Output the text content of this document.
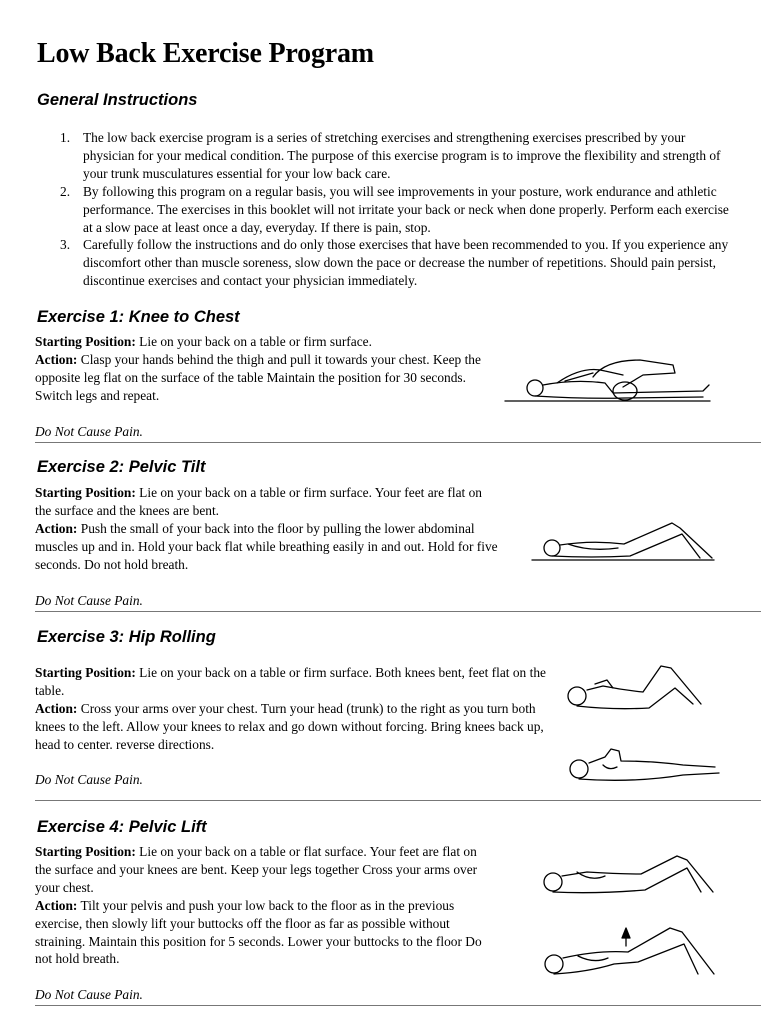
Low Back Exercise Program
General Instructions
1. The low back exercise program is a series of stretching exercises and strengthening exercises prescribed by your physician for your medical condition. The purpose of this exercise program is to improve the flexibility and strength of your trunk musculatures essential for your low back care.
2. By following this program on a regular basis, you will see improvements in your posture, work endurance and athletic performance. The exercises in this booklet will not irritate your back or neck when done properly. Perform each exercise at a slow pace at least once a day, everyday. If there is pain, stop.
3. Carefully follow the instructions and do only those exercises that have been recommended to you. If you experience any discomfort other than muscle soreness, slow down the pace or decrease the number of repetitions. Should pain persist, discontinue exercises and contact your physician immediately.
Exercise 1: Knee to Chest

Starting Position: Lie on your back on a table or firm surface.
Action: Clasp your hands behind the thigh and pull it towards your chest. Keep the opposite leg flat on the surface of the table Maintain the position for 30 seconds. Switch legs and repeat.

Do Not Cause Pain.

Exercise 2: Pelvic Tilt

Starting Position: Lie on your back on a table or firm surface. Your feet are flat on the surface and the knees are bent.
Action: Push the small of your back into the floor by pulling the lower abdominal muscles up and in. Hold your back flat while breathing easily in and out. Hold for five seconds. Do not hold breath.

Do Not Cause Pain.

Exercise 3: Hip Rolling

Starting Position: Lie on your back on a table or firm surface. Both knees bent, feet flat on the table.
Action: Cross your arms over your chest. Turn your head (trunk) to the right as you turn both knees to the left. Allow your knees to relax and go down without forcing. Bring knees back up, head to center. reverse directions.

Do Not Cause Pain.

Exercise 4: Pelvic Lift

Starting Position: Lie on your back on a table or flat surface. Your feet are flat on the surface and your knees are bent. Keep your legs together Cross your arms over your chest.
Action: Tilt your pelvis and push your low back to the floor as in the previous exercise, then slowly lift your buttocks off the floor as far as possible without straining. Maintain this position for 5 seconds. Lower your buttocks to the floor Do not hold breath.

Do Not Cause Pain.
